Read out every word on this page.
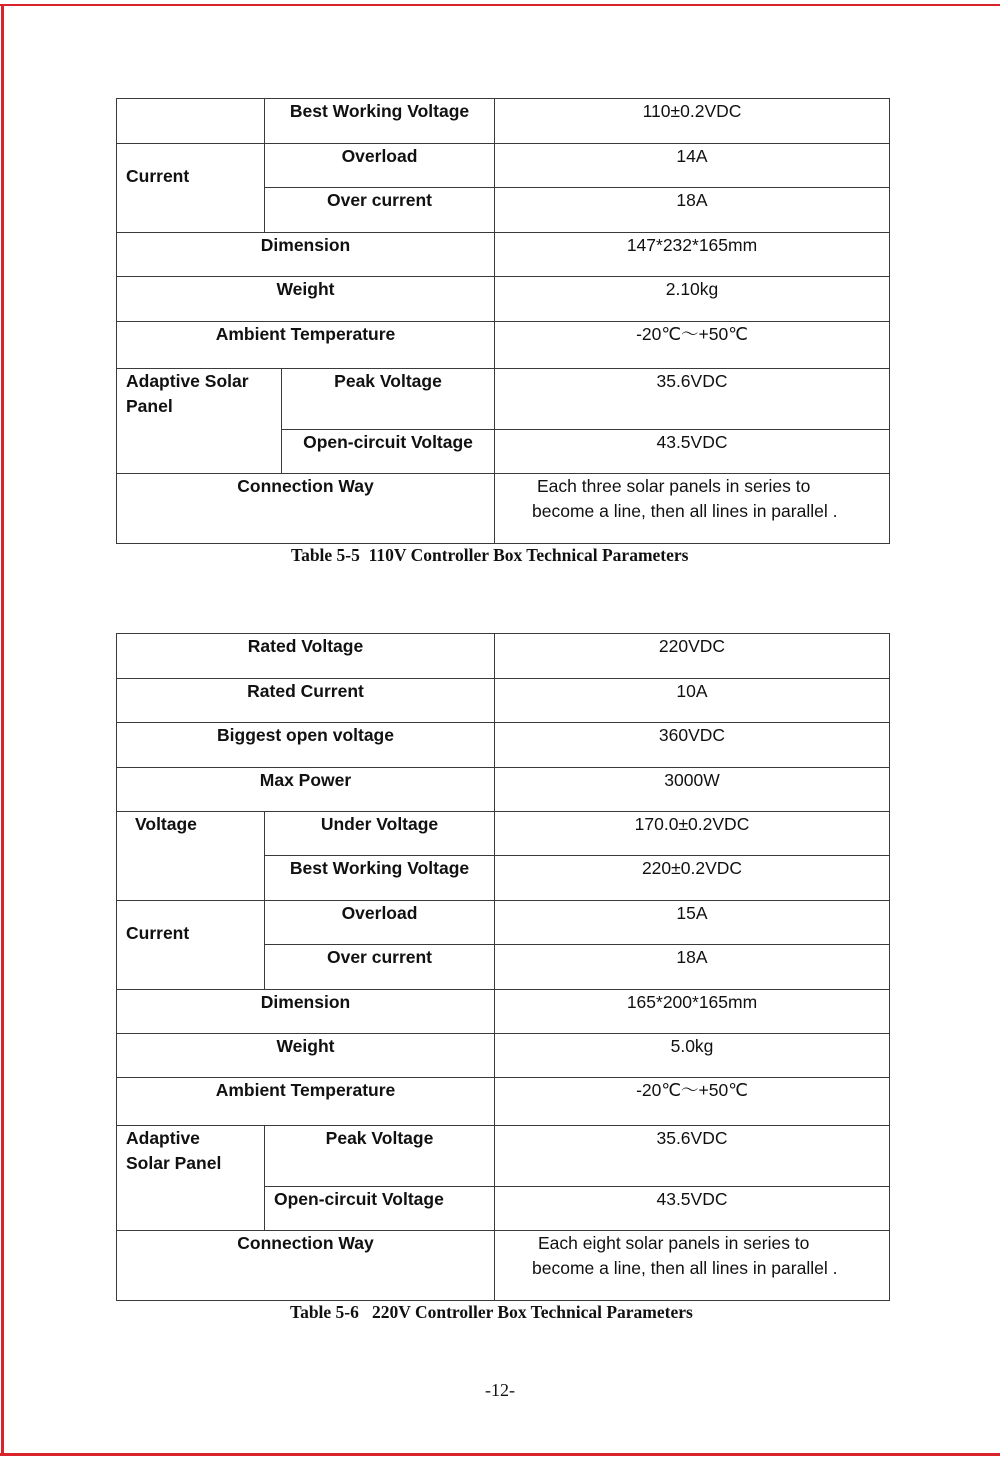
Best Working Voltage	110±0.2VDC
Current
Overload	14A
Over current	18A
Dimension	147*232*165mm
Weight	2.10kg
Ambient Temperature	-20℃～+50℃
Adaptive Solar
Panel
Peak Voltage	35.6VDC
Open-circuit Voltage	43.5VDC
Connection Way	Each three solar panels in series to
become a line, then all lines in parallel .
Table 5-5  110V Controller Box Technical Parameters
Rated Voltage	220VDC
Rated Current	10A
Biggest open voltage	360VDC
Max Power	3000W
Voltage	Under Voltage	170.0±0.2VDC
Best Working Voltage	220±0.2VDC
Current
Overload	15A
Over current	18A
Dimension	165*200*165mm
Weight	5.0kg
Ambient Temperature	-20℃～+50℃
Adaptive
Solar Panel
Peak Voltage	35.6VDC
Open-circuit Voltage	43.5VDC
Connection Way	Each eight solar panels in series to
become a line, then all lines in parallel .
Table 5-6   220V Controller Box Technical Parameters
-12-
